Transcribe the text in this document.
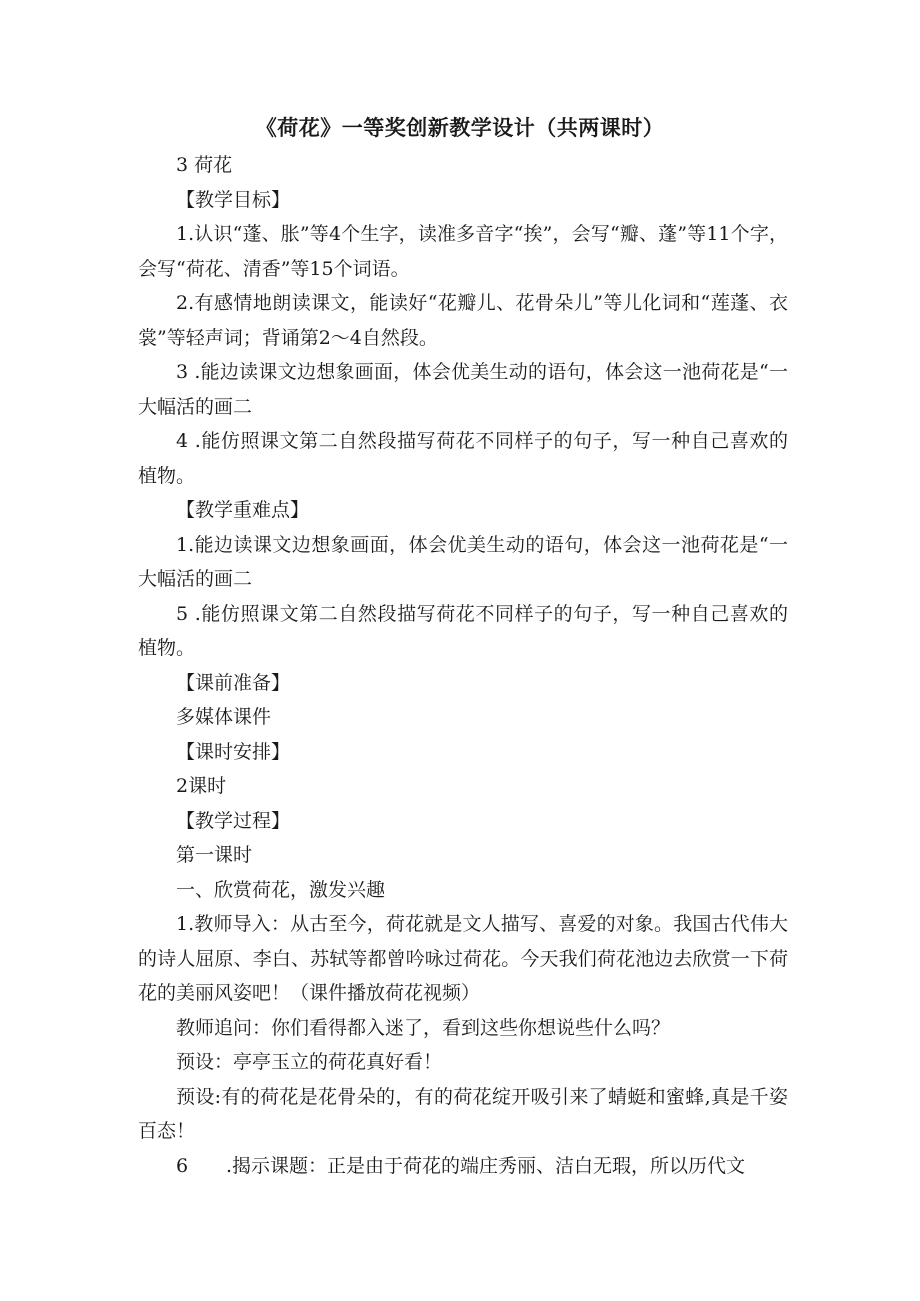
《荷花》一等奖创新教学设计（共两课时）

3 荷花

【教学目标】

1.认识“蓬、胀”等4个生字，读准多音字“挨”，会写“瓣、蓬”等11个字，会写“荷花、清香”等15个词语。

2.有感情地朗读课文，能读好“花瓣儿、花骨朵儿”等儿化词和“莲蓬、衣裳”等轻声词；背诵第2～4自然段。

3 .能边读课文边想象画面，体会优美生动的语句，体会这一池荷花是“一大幅活的画二

4 .能仿照课文第二自然段描写荷花不同样子的句子，写一种自己喜欢的植物。

【教学重难点】

1.能边读课文边想象画面，体会优美生动的语句，体会这一池荷花是“一大幅活的画二

5 .能仿照课文第二自然段描写荷花不同样子的句子，写一种自己喜欢的植物。

【课前准备】

多媒体课件

【课时安排】

2课时

【教学过程】

第一课时

一、欣赏荷花，激发兴趣

1.教师导入：从古至今，荷花就是文人描写、喜爱的对象。我国古代伟大的诗人屈原、李白、苏轼等都曾吟咏过荷花。今天我们荷花池边去欣赏一下荷花的美丽风姿吧！（课件播放荷花视频）

教师追问：你们看得都入迷了，看到这些你想说些什么吗？

预设：亭亭玉立的荷花真好看！

预设:有的荷花是花骨朵的，有的荷花绽开吸引来了蜻蜓和蜜蜂,真是千姿百态！

6 .揭示课题：正是由于荷花的端庄秀丽、洁白无瑕，所以历代文
